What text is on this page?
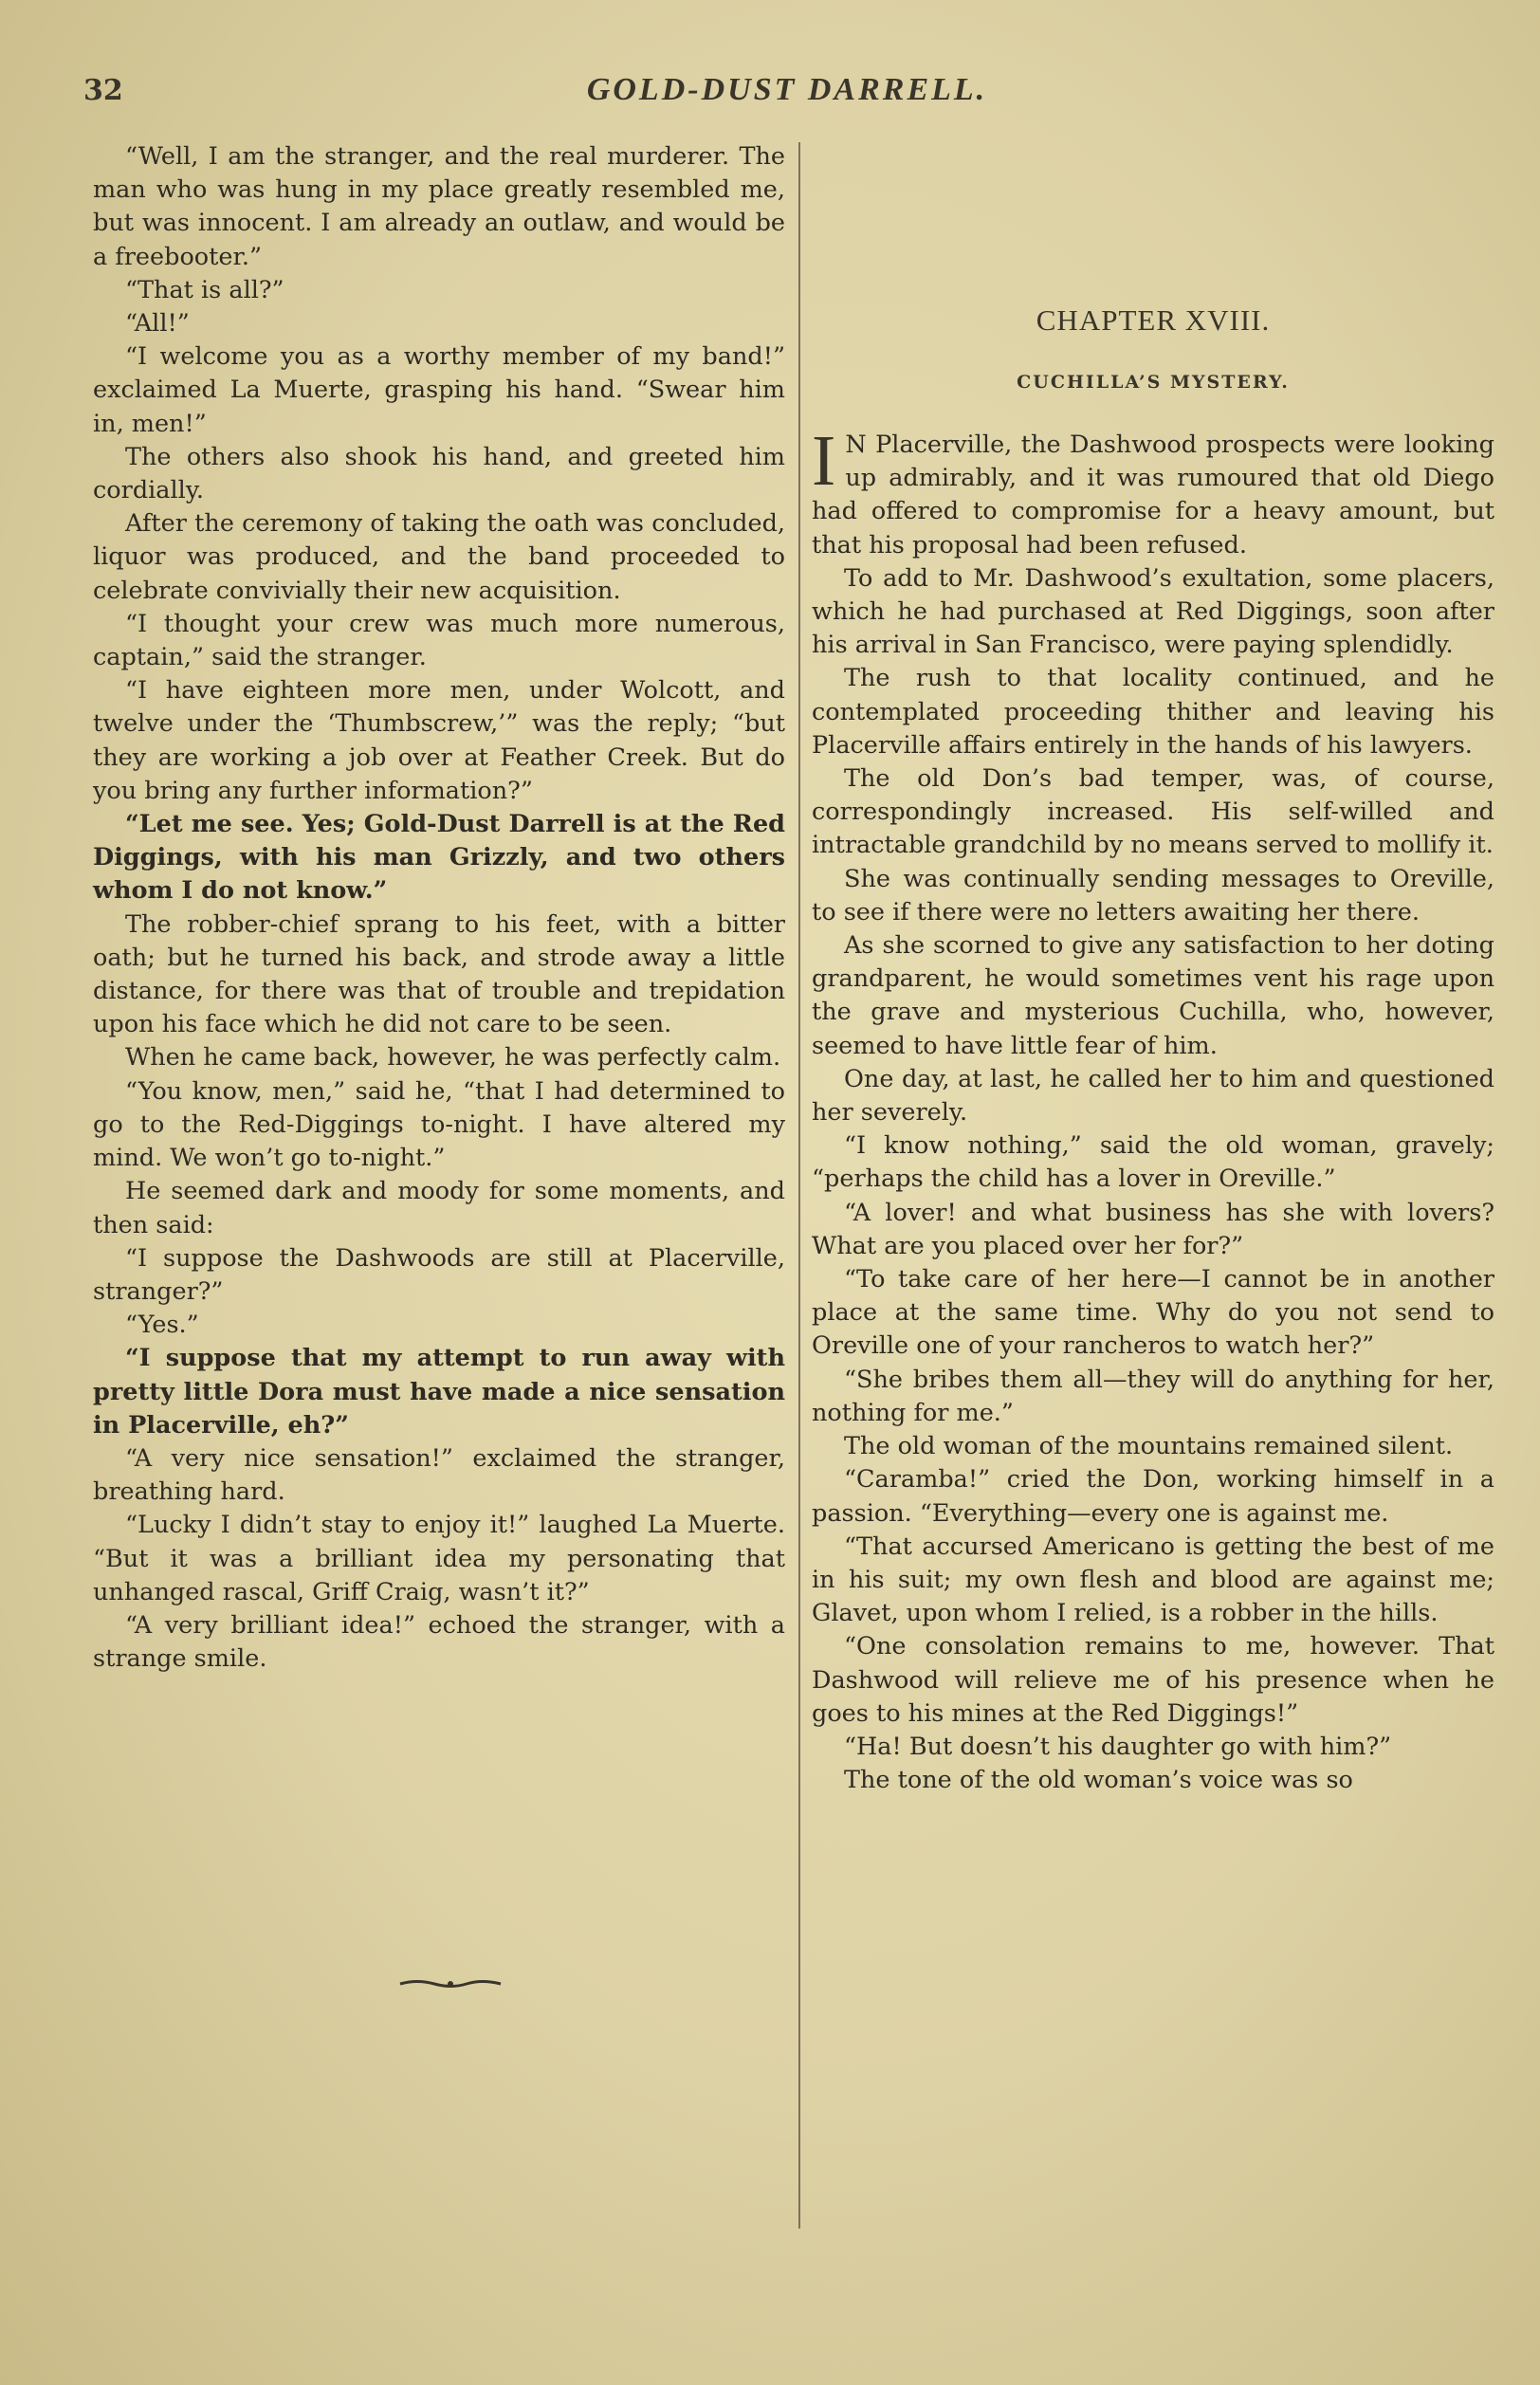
32	GOLD-DUST DARRELL.

“Well, I am the stranger, and the real murderer. The man who was hung in my place greatly resembled me, but was innocent. I am already an outlaw, and would be a freebooter.”

“That is all?”

“All!”

“I welcome you as a worthy member of my band!” exclaimed La Muerte, grasping his hand. “Swear him in, men!”

The others also shook his hand, and greeted him cordially.

After the ceremony of taking the oath was concluded, liquor was produced, and the band proceeded to celebrate convivially their new acquisition.

“I thought your crew was much more numerous, captain,” said the stranger.

“I have eighteen more men, under Wolcott, and twelve under the ‘Thumbscrew,’” was the reply; “but they are working a job over at Feather Creek. But do you bring any further information?”

“Let me see. Yes; Gold-Dust Darrell is at the Red Diggings, with his man Grizzly, and two others whom I do not know.”

The robber-chief sprang to his feet, with a bitter oath; but he turned his back, and strode away a little distance, for there was that of trouble and trepidation upon his face which he did not care to be seen.

When he came back, however, he was perfectly calm.

“You know, men,” said he, “that I had determined to go to the Red-Diggings to-night. I have altered my mind. We won’t go to-night.”

He seemed dark and moody for some moments, and then said:

“I suppose the Dashwoods are still at Placerville, stranger?”

“Yes.”

“I suppose that my attempt to run away with pretty little Dora must have made a nice sensation in Placerville, eh?”

“A very nice sensation!” exclaimed the stranger, breathing hard.

“Lucky I didn’t stay to enjoy it!” laughed La Muerte. “But it was a brilliant idea my personating that unhanged rascal, Griff Craig, wasn’t it?”

“A very brilliant idea!” echoed the stranger, with a strange smile.

CHAPTER XVIII.
CUCHILLA’S MYSTERY.

I N Placerville, the Dashwood prospects were looking up admirably, and it was rumoured that old Diego had offered to compromise for a heavy amount, but that his proposal had been refused.

To add to Mr. Dashwood’s exultation, some placers, which he had purchased at Red Diggings, soon after his arrival in San Francisco, were paying splendidly.

The rush to that locality continued, and he contemplated proceeding thither and leaving his Placerville affairs entirely in the hands of his lawyers.

The old Don’s bad temper, was, of course, correspondingly increased. His self-willed and intractable grandchild by no means served to mollify it.

She was continually sending messages to Oreville, to see if there were no letters awaiting her there.

As she scorned to give any satisfaction to her doting grandparent, he would sometimes vent his rage upon the grave and mysterious Cuchilla, who, however, seemed to have little fear of him.

One day, at last, he called her to him and questioned her severely.

“I know nothing,” said the old woman, gravely; “perhaps the child has a lover in Oreville.”

“A lover! and what business has she with lovers? What are you placed over her for?”

“To take care of her here—I cannot be in another place at the same time. Why do you not send to Oreville one of your rancheros to watch her?”

“She bribes them all—they will do anything for her, nothing for me.”

The old woman of the mountains remained silent.

“Caramba!” cried the Don, working himself in a passion. “Everything—every one is against me.

“That accursed Americano is getting the best of me in his suit; my own flesh and blood are against me; Glavet, upon whom I relied, is a robber in the hills.

“One consolation remains to me, however. That Dashwood will relieve me of his presence when he goes to his mines at the Red Diggings!”

“Ha! But doesn’t his daughter go with him?”

The tone of the old woman’s voice was so
